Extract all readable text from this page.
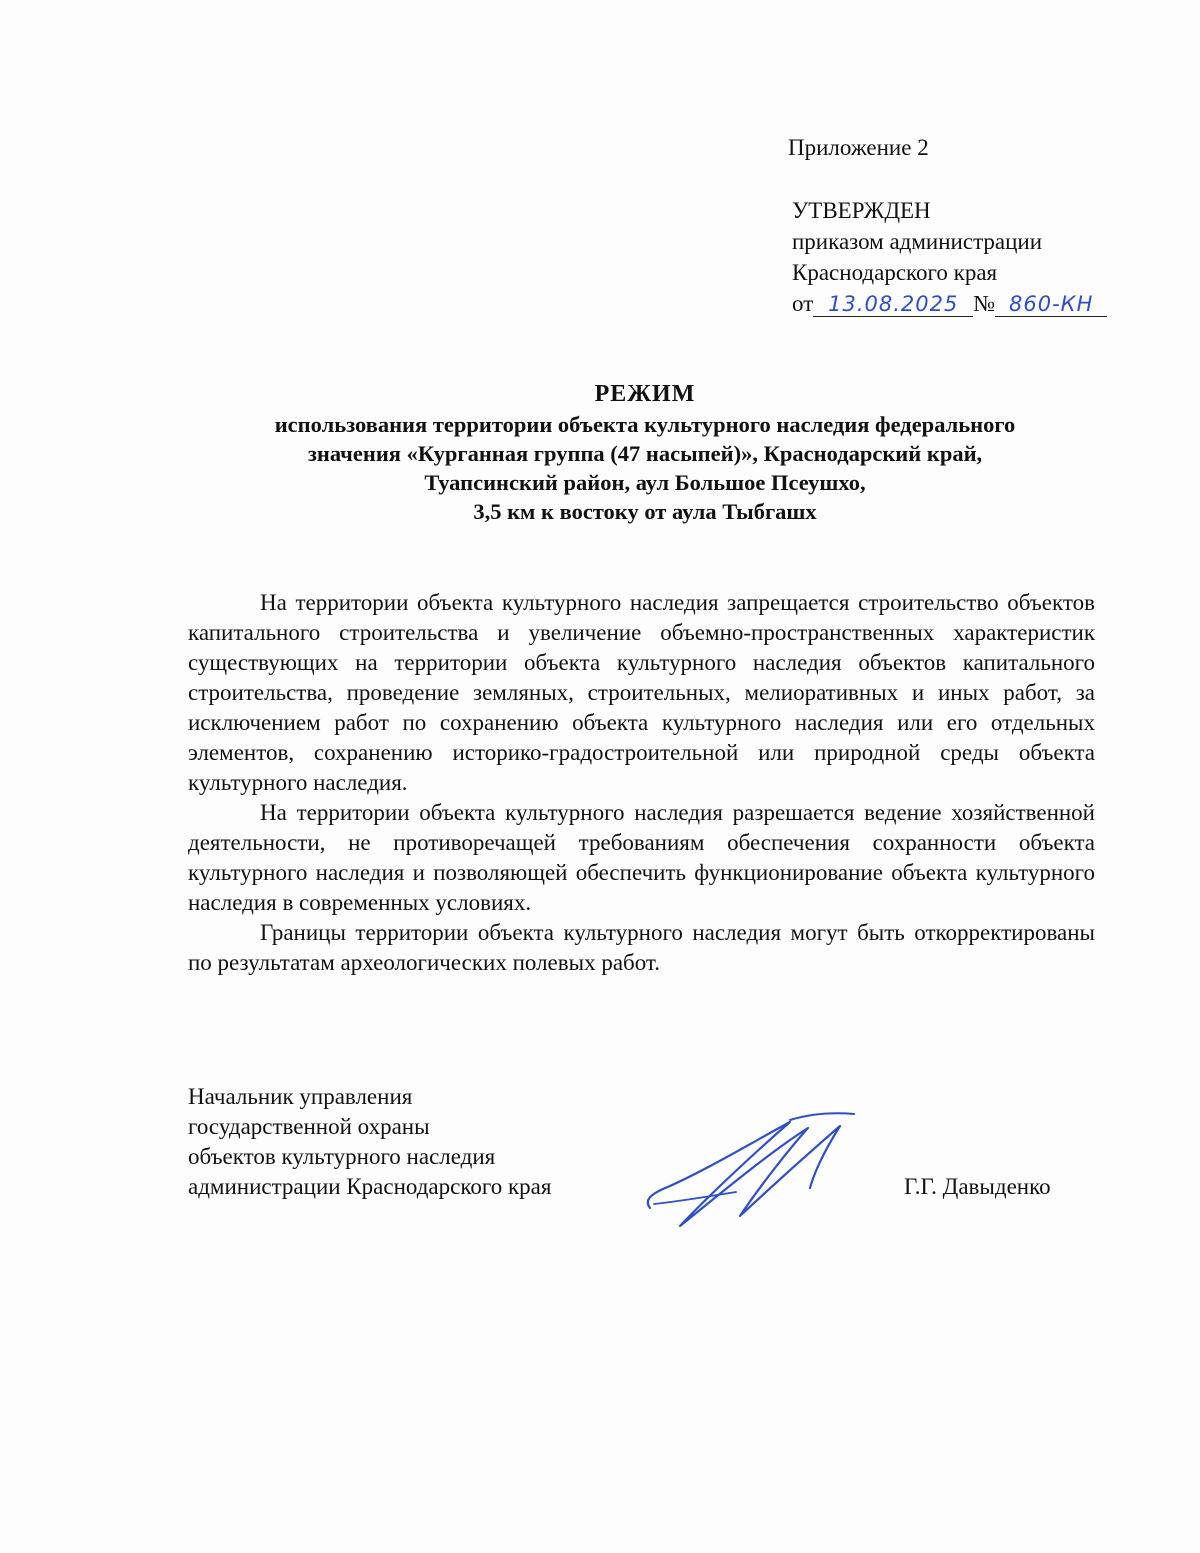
Приложение 2
УТВЕРЖДЕН
приказом администрации
Краснодарского края
от 13.08.2025 № 860-КН
РЕЖИМ
использования территории объекта культурного наследия федерального
значения «Курганная группа (47 насыпей)», Краснодарский край,
Туапсинский район, аул Большое Псеушхо,
3,5 км к востоку от аула Тыбгашх

На территории объекта культурного наследия запрещается строительство объектов капитального строительства и увеличение объемно-пространственных характеристик существующих на территории объекта культурного наследия объектов капитального строительства, проведение земляных, строительных, мелиоративных и иных работ, за исключением работ по сохранению объекта культурного наследия или его отдельных элементов, сохранению историко-градостроительной или природной среды объекта культурного наследия.

На территории объекта культурного наследия разрешается ведение хозяйственной деятельности, не противоречащей требованиям обеспечения сохранности объекта культурного наследия и позволяющей обеспечить функционирование объекта культурного наследия в современных условиях.

Границы территории объекта культурного наследия могут быть откорректированы по результатам археологических полевых работ.

Начальник управления
государственной охраны
объектов культурного наследия
администрации Краснодарского края	Г.Г. Давыденко
